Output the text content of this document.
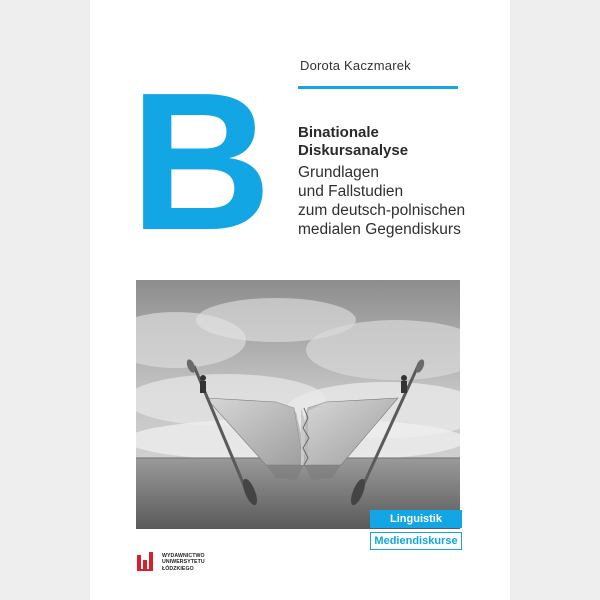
Dorota Kaczmarek
B Binationale
Diskursanalyse
Grundlagen
und Fallstudien
zum deutsch-polnischen
medialen Gegendiskurs
Linguistik
Mediendiskurse
WYDAWNICTWO
UNIWERSYTETU
ŁÓDZKIEGO
